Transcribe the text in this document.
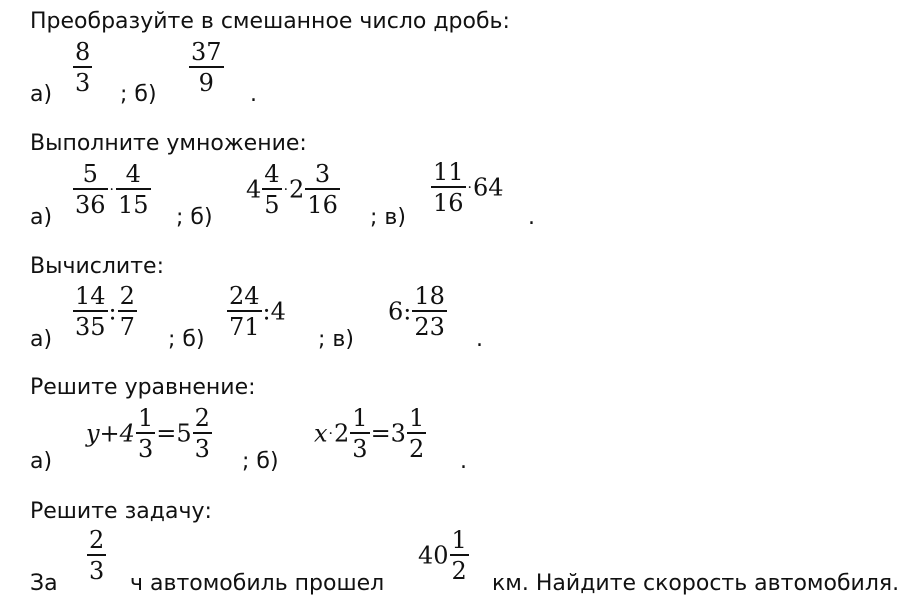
Преобразуйте в смешанное число дробь:
$а) \frac{8}{3}$ ; $б) \frac{37}{9}$ .
Выполните умножение:
а)
$\frac{5}{36} \cdot \frac{4}{15}$
; б)
$4 \frac{4}{5} \cdot 2 \frac{3}{16}$
; в)
$\frac{11}{16} \cdot 64$
.
Вычислите:
а)
$\frac{14}{35}$ : $\frac{2}{7}$
; б)
$\frac{24}{71}$ :4
; в)
6: $\frac{18}{23}$
.
Решите уравнение:
а)
$y+4 \frac{1}{3} =5 \frac{2}{3}$
; б)
$x\cdot 2 \frac{1}{3} =3 \frac{1}{2}$
.
Решите задачу:
За
$\frac{2}{3}$
ч автомобиль прошел
$40 \frac{1}{2}$
км. Найдите скорость автомобиля.
